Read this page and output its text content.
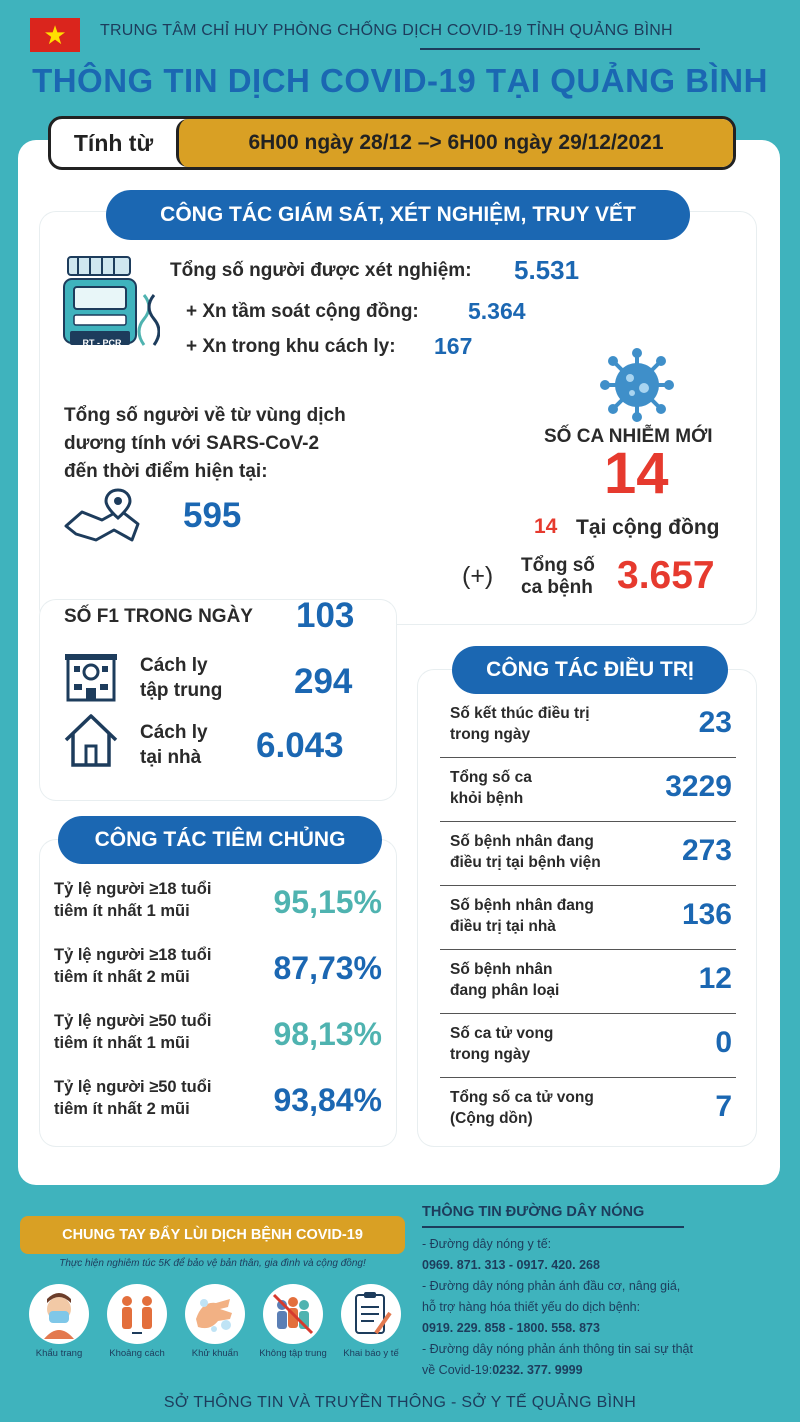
★	TRUNG TÂM CHỈ HUY PHÒNG CHỐNG DỊCH COVID-19 TỈNH QUẢNG BÌNH
THÔNG TIN DỊCH COVID-19 TẠI QUẢNG BÌNH
Tính từ	6H00 ngày 28/12 –> 6H00 ngày 29/12/2021
CÔNG TÁC GIÁM SÁT, XÉT NGHIỆM, TRUY VẾT
RT - PCR
Tổng số người được xét nghiệm: 5.531
+ Xn tầm soát cộng đồng: 5.364
+ Xn trong khu cách ly: 167
Tổng số người về từ vùng dịch
dương tính với SARS-CoV-2
đến thời điểm hiện tại:
595
SỐ CA NHIỄM MỚI
14
14 Tại cộng đồng
(+) Tổng số
ca bệnh 3.657
SỐ F1 TRONG NGÀY 103
Cách ly
tập trung 294
Cách ly
tại nhà 6.043
CÔNG TÁC TIÊM CHỦNG
Tỷ lệ người ≥18 tuổi
tiêm ít nhất 1 mũi	95,15%
Tỷ lệ người ≥18 tuổi
tiêm ít nhất 2 mũi	87,73%
Tỷ lệ người ≥50 tuổi
tiêm ít nhất 1 mũi	98,13%
Tỷ lệ người ≥50 tuổi
tiêm ít nhất 2 mũi	93,84%
CÔNG TÁC ĐIỀU TRỊ
Số kết thúc điều trị
trong ngày	23
Tổng số ca
khỏi bệnh	3229
Số bệnh nhân đang
điều trị tại bệnh viện	273
Số bệnh nhân đang
điều trị tại nhà	136
Số bệnh nhân
đang phân loại	12
Số ca tử vong
trong ngày	0
Tổng số ca tử vong
(Cộng dồn)	7
CHUNG TAY ĐẨY LÙI DỊCH BỆNH COVID-19
Thực hiện nghiêm túc 5K để bảo vệ bản thân, gia đình và cộng đồng!
Khẩu trang	Khoảng cách	Khử khuẩn	Không tập trung	Khai báo y tế
THÔNG TIN ĐƯỜNG DÂY NÓNG
- Đường dây nóng y tế:
0969. 871. 313 - 0917. 420. 268
- Đường dây nóng phản ánh đầu cơ, nâng giá,
hỗ trợ hàng hóa thiết yếu do dịch bệnh:
0919. 229. 858 - 1800. 558. 873
- Đường dây nóng phản ánh thông tin sai sự thật
về Covid-19:0232. 377. 9999
SỞ THÔNG TIN VÀ TRUYỀN THÔNG - SỞ Y TẾ QUẢNG BÌNH
